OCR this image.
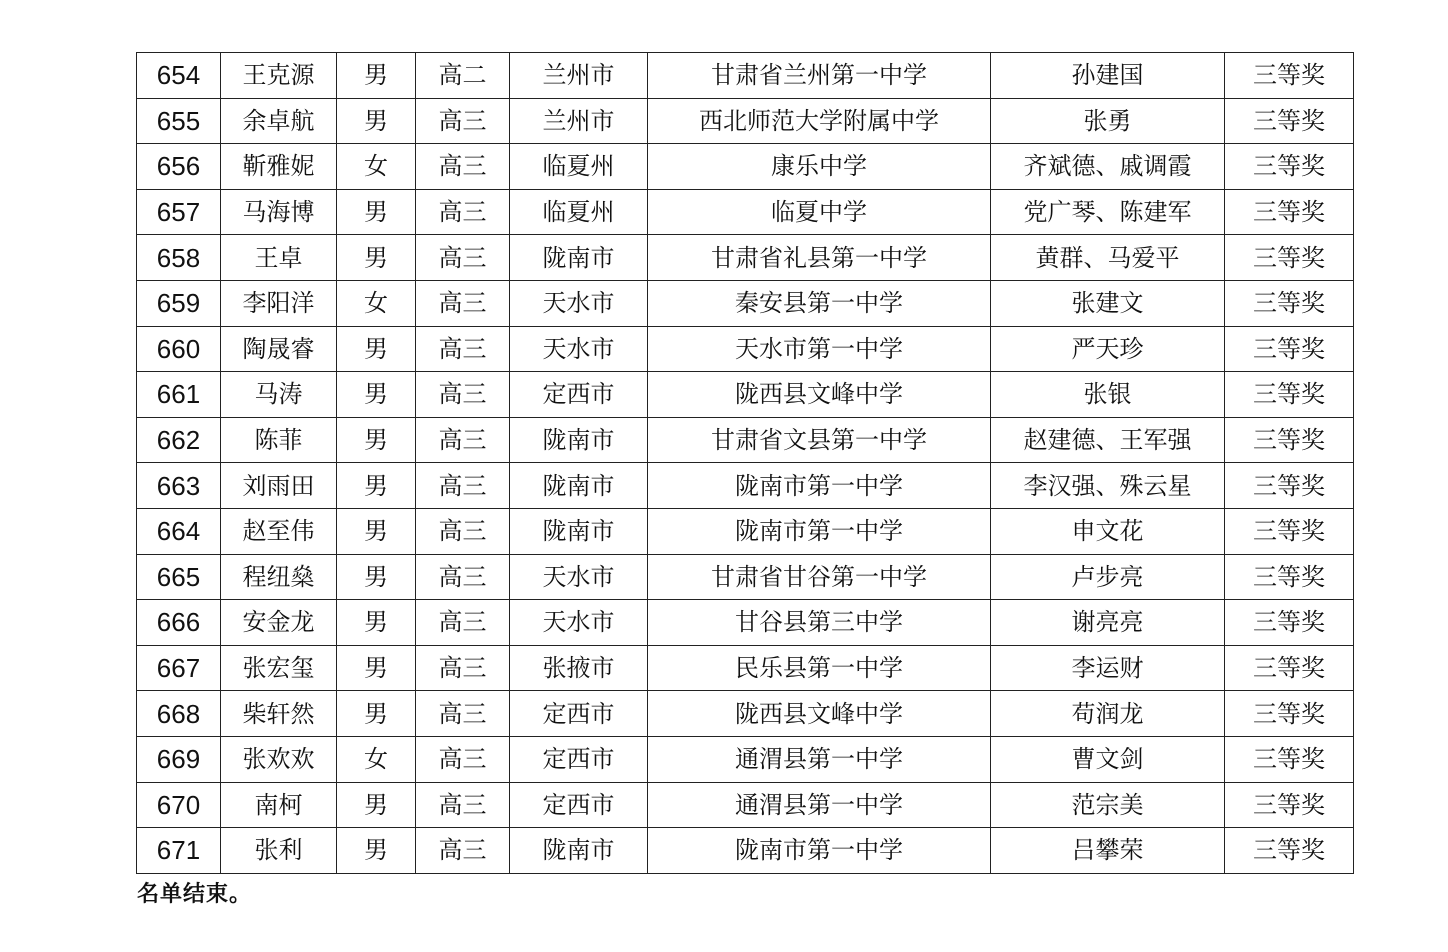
654	王克源	男	高二	兰州市	甘肃省兰州第一中学	孙建国	三等奖
655	余卓航	男	高三	兰州市	西北师范大学附属中学	张勇	三等奖
656	靳雅妮	女	高三	临夏州	康乐中学	齐斌德、戚调霞	三等奖
657	马海博	男	高三	临夏州	临夏中学	党广琴、陈建军	三等奖
658	王卓	男	高三	陇南市	甘肃省礼县第一中学	黄群、马爱平	三等奖
659	李阳洋	女	高三	天水市	秦安县第一中学	张建文	三等奖
660	陶晟睿	男	高三	天水市	天水市第一中学	严天珍	三等奖
661	马涛	男	高三	定西市	陇西县文峰中学	张银	三等奖
662	陈菲	男	高三	陇南市	甘肃省文县第一中学	赵建德、王军强	三等奖
663	刘雨田	男	高三	陇南市	陇南市第一中学	李汉强、殊云星	三等奖
664	赵至伟	男	高三	陇南市	陇南市第一中学	申文花	三等奖
665	程纽燊	男	高三	天水市	甘肃省甘谷第一中学	卢步亮	三等奖
666	安金龙	男	高三	天水市	甘谷县第三中学	谢亮亮	三等奖
667	张宏玺	男	高三	张掖市	民乐县第一中学	李运财	三等奖
668	柴轩然	男	高三	定西市	陇西县文峰中学	苟润龙	三等奖
669	张欢欢	女	高三	定西市	通渭县第一中学	曹文剑	三等奖
670	南柯	男	高三	定西市	通渭县第一中学	范宗美	三等奖
671	张利	男	高三	陇南市	陇南市第一中学	吕攀荣	三等奖
名单结束。
